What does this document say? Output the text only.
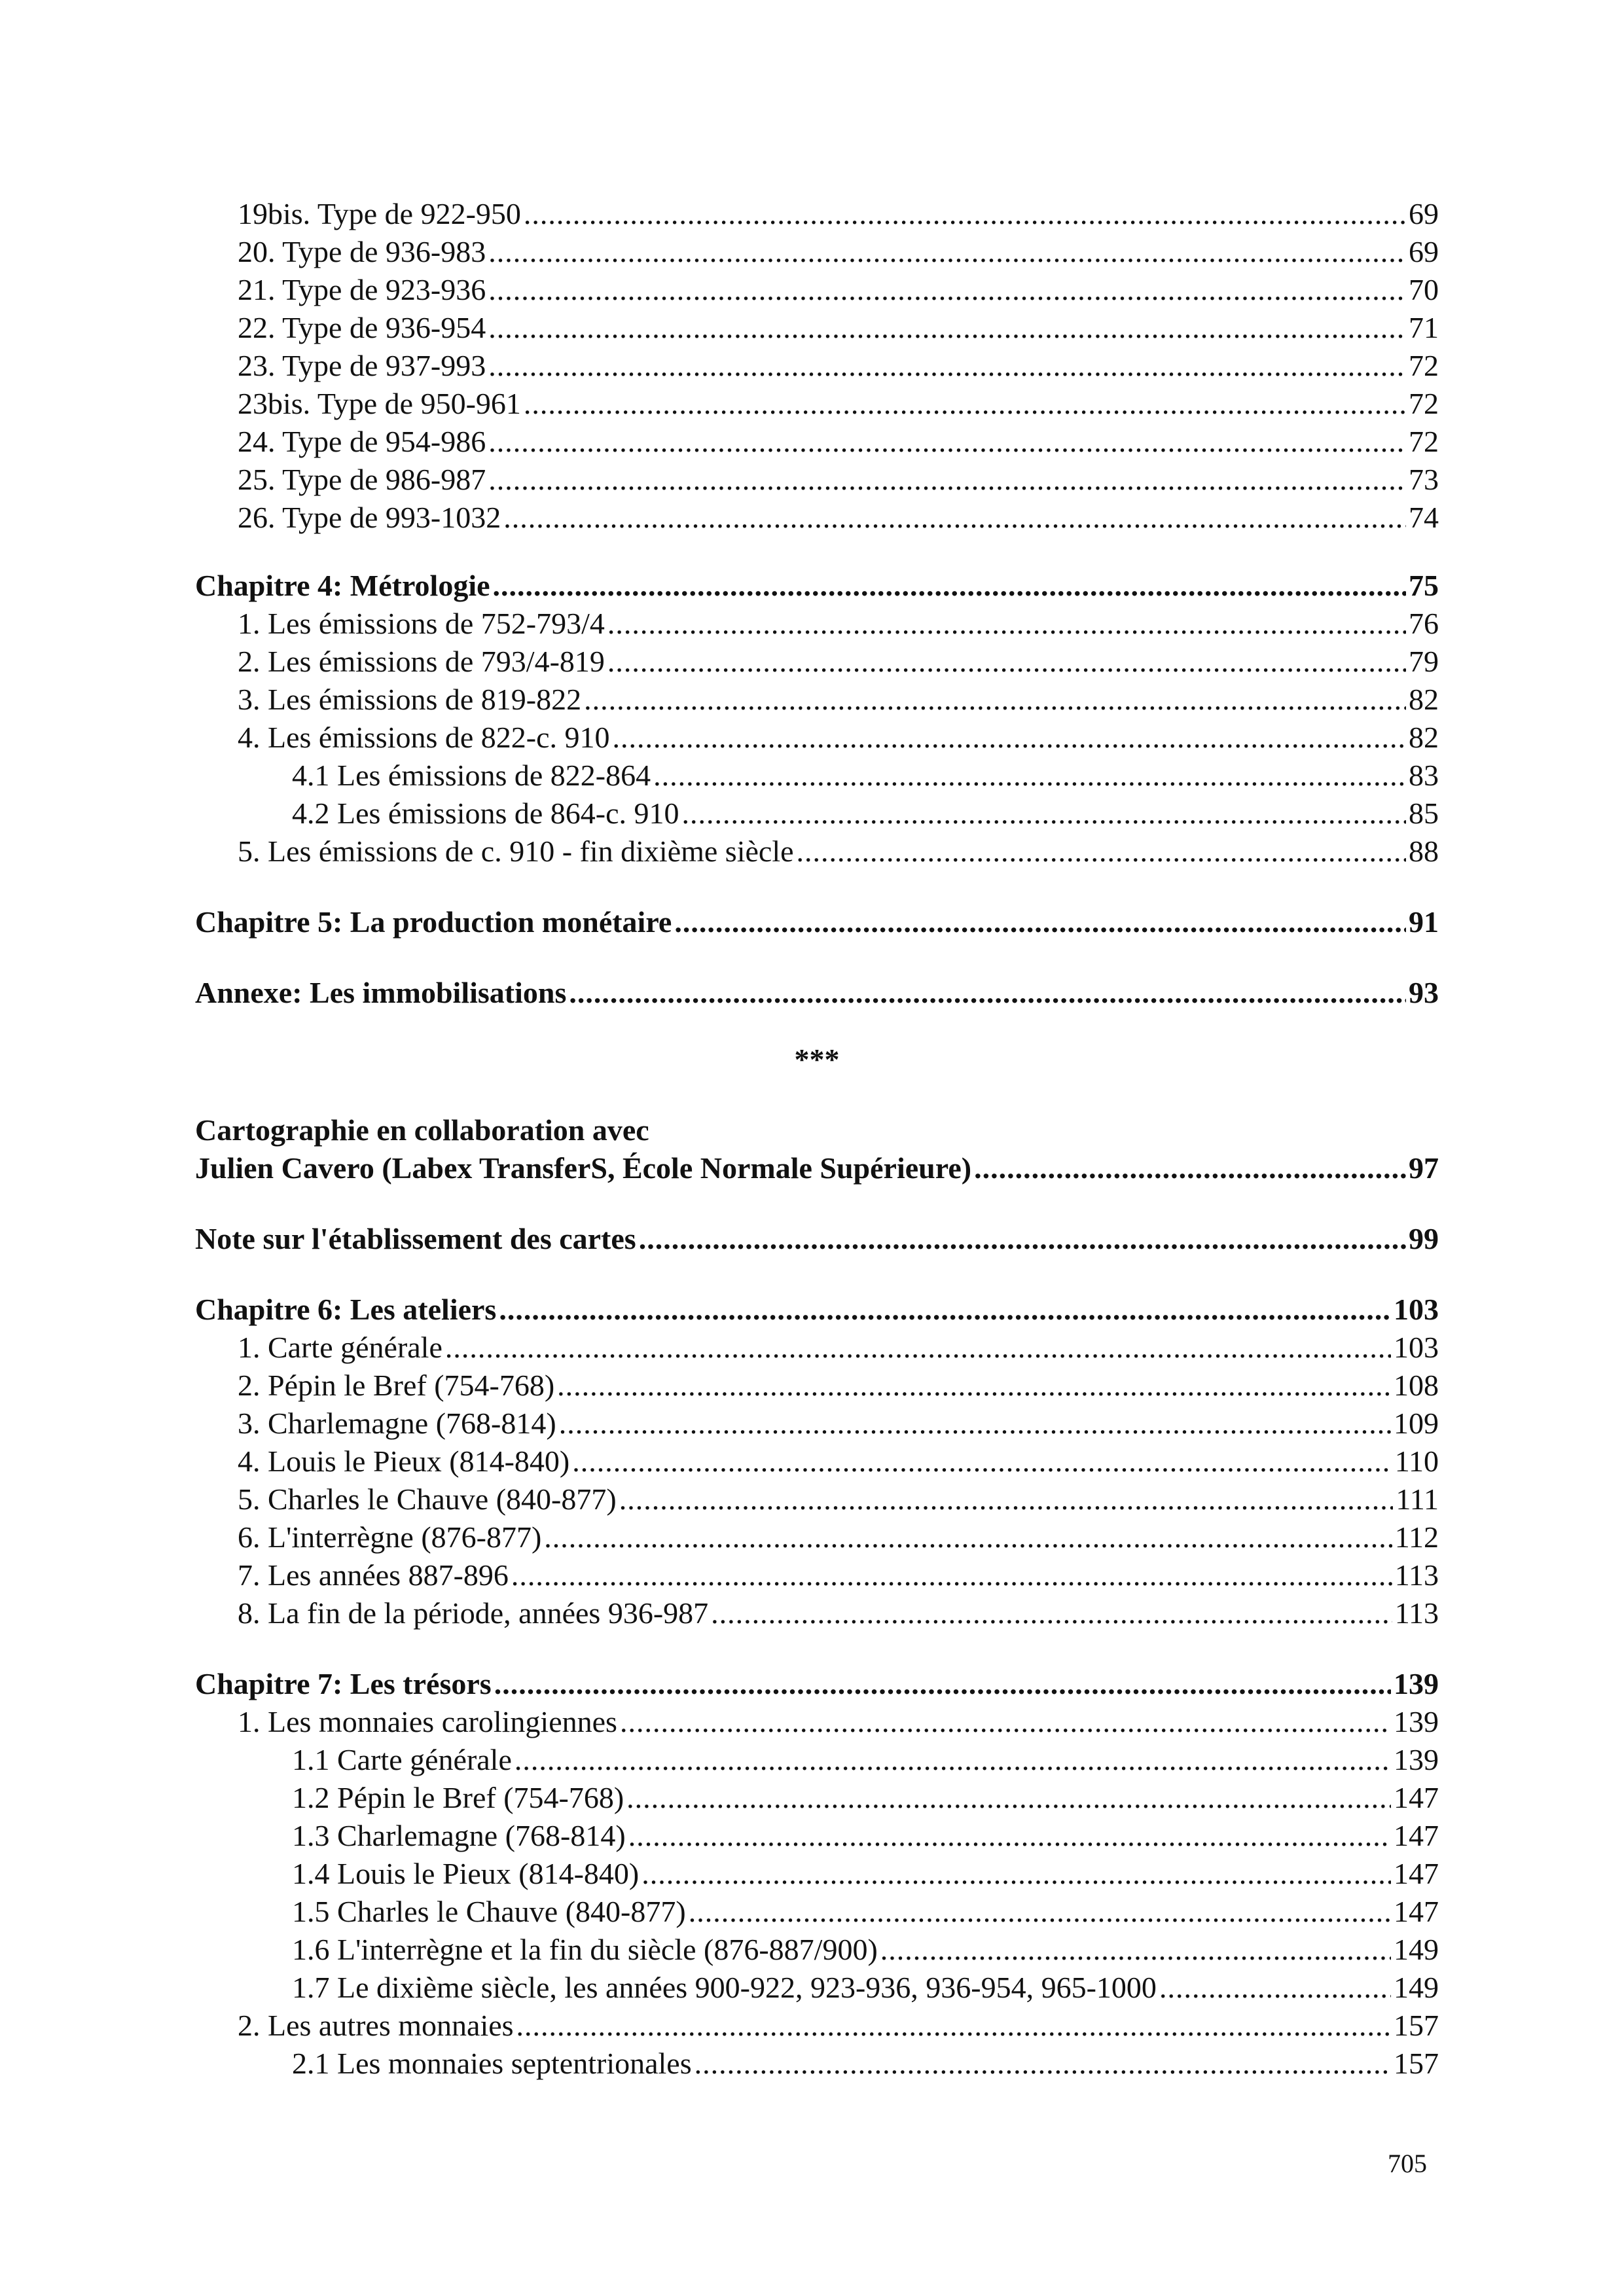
19bis. Type de 922-950 .....	69
20. Type de 936-983 .....	69
21. Type de 923-936 .....	70
22. Type de 936-954 .....	71
23. Type de 937-993 .....	72
23bis. Type de 950-961 .....	72
24. Type de 954-986 .....	72
25. Type de 986-987 .....	73
26. Type de 993-1032 .....	74
Chapitre 4: Métrologie .....	75
1. Les émissions de 752-793/4 .....	76
2. Les émissions de 793/4-819 .....	79
3. Les émissions de 819-822 .....	82
4. Les émissions de 822-c. 910 .....	82
4.1 Les émissions de 822-864 .....	83
4.2 Les émissions de 864-c. 910 .....	85
5. Les émissions de c. 910 - fin dixième siècle .....	88
Chapitre 5: La production monétaire .....	91
Annexe: Les immobilisations .....	93
***
Cartographie en collaboration avec
Julien Cavero (Labex TransferS, École Normale Supérieure) .....	97
Note sur l'établissement des cartes .....	99
Chapitre 6: Les ateliers .....	103
1. Carte générale .....	103
2. Pépin le Bref (754-768) .....	108
3. Charlemagne (768-814) .....	109
4. Louis le Pieux (814-840) .....	110
5. Charles le Chauve (840-877) .....	111
6. L'interrègne (876-877) .....	112
7. Les années 887-896 .....	113
8. La fin de la période, années 936-987 .....	113
Chapitre 7: Les trésors .....	139
1. Les monnaies carolingiennes .....	139
1.1 Carte générale .....	139
1.2 Pépin le Bref (754-768) .....	147
1.3 Charlemagne (768-814) .....	147
1.4 Louis le Pieux (814-840) .....	147
1.5 Charles le Chauve (840-877) .....	147
1.6 L'interrègne et la fin du siècle (876-887/900) .....	149
1.7 Le dixième siècle, les années 900-922, 923-936, 936-954, 965-1000 .....	149
2. Les autres monnaies .....	157
2.1 Les monnaies septentrionales .....	157
705
